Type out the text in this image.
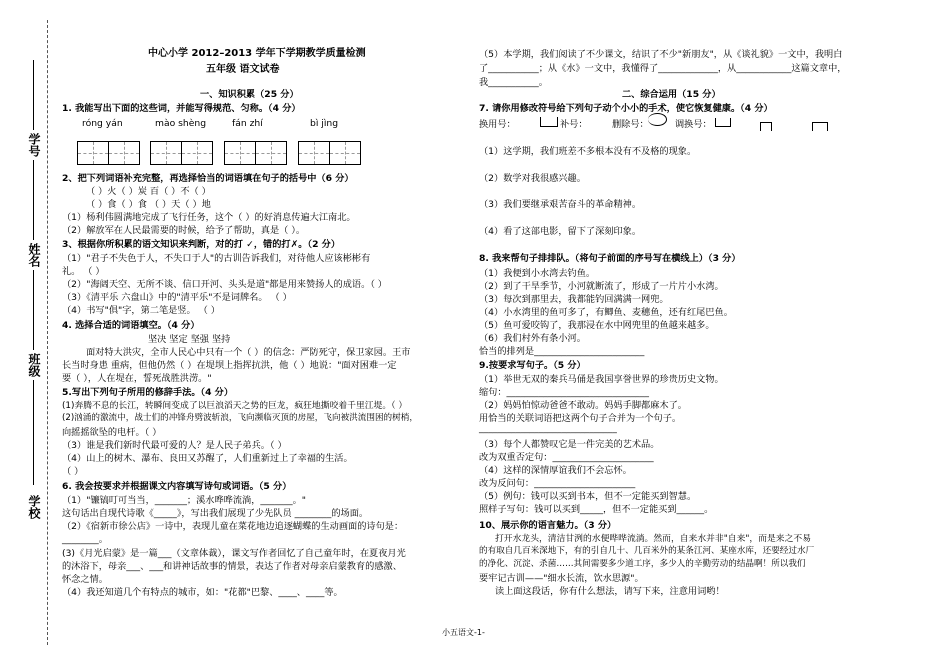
学号
姓名
班级
学校
中心小学 2012–2013 学年下学期教学质量检测
五年级 语文试卷
一、知识积累（25 分）
1. 我能写出下面的这些词，并能写得规范、匀称。（4 分）
róng yán	mào shèng	fán zhí	bì jìng
2、把下列词语补充完整，再选择恰当的词语填在句子的括号中（6 分）
（ ）火（ ）炭 百（ ）不（ ）
（ ）食（ ）食 （ ）天（ ）地
（1）杨利伟圆满地完成了飞行任务，这个（ ）的好消息传遍大江南北。
（2）解放军在人民最需要的时候，给予了帮助，真是（ ）。
3、根据你所积累的语文知识来判断，对的打 ✓，错的打✗。（2 分）
（1）"君子不失色于人，不失口于人"的古训告诉我们，对待他人应该彬彬有
礼。 （ ）
（2）"海阔天空、无所不谈、信口开河、头头是道"都是用来赞扬人的成语。（ ）
（3）《清平乐 六盘山》中的"清平乐"不是词牌名。 （ ）
（4）书写"俱"字，第二笔是竖。 （ ）
4. 选择合适的词语填空。（4 分）
坚决 坚定 坚强 坚持
面对特大洪灾，全市人民心中只有一个（ ）的信念：严防死守，保卫家园。王市
长当时身患 重病，但他仍然（ ）在堤坝上指挥抗洪，他（ ）地说："面对困难一定
要（ ），人在堤在，誓死战胜洪涝。"
5.写出下列句子所用的修辞手法。（4 分）
(1)奔腾不息的长江，转瞬间变成了以巨浪滔天之势的巨龙，疯狂地撕咬着千里江堤。（ ）
(2)汹涌的激流中，战士们的冲锋舟劈波斩浪，飞向濒临灭顶的房屋，飞向被洪流围困的树梢，
向摇摇欲坠的电杆。（ ）
（3）谁是我们新时代最可爱的人？是人民子弟兵。（ ）
（4）山上的树木、瀑布、良田又苏醒了，人们重新过上了幸福的生活。
（ ）
6. 我会按要求并根据课文内容填写诗句或词语。（5 分）
（1）"镰镐叮可当当，_______；溪水哗哗流淌，_______。"
这句话出自现代诗歌《_____》，写出我们展现了少先队员 ________的场面。
（2）《宿新市徐公店》一诗中，表现儿童在菜花地边追逐蝴蝶的生动画面的诗句是：
________。
(3)《月光启蒙》是一篇___（文章体裁），课文写作者回忆了自己童年时，在夏夜月光
的沐浴下，母亲___、___和讲神话故事的情景，表达了作者对母亲启蒙教育的感激、
怀念之情。
（4）我还知道几个有特点的城市，如："花都"巴黎、____、____等。
（5）本学期，我们阅读了不少课文，结识了不少"新朋友"，从《谈礼貌》一文中，我明白
了___________；从《水》一文中，我懂得了_____________，从____________这篇文章中，
我___________。
二、综合运用（15 分）
7. 请你用修改符号给下列句子动个小小的手术，使它恢复健康。（4 分）
换用号：	补号：	删除号：	调换号：
（1）这学期，我们班差不多根本没有不及格的现象。
（2）数学对我很感兴趣。
（3）我们要继承艰苦奋斗的革命精神。
（4）看了这部电影，留下了深刻印象。
8. 我来帮句子排排队。（将句子前面的序号写在横线上）（3 分）
（1）我便到小水湾去钓鱼。
（2）到了干旱季节，小河就断流了，形成了一片片小水湾。
（3）每次到那里去，我都能钓回满满一网兜。
（4）小水湾里的鱼可多了，有鲫鱼、麦穗鱼，还有红尾巴鱼。
（5）鱼可爱咬钩了，我那浸在水中网兜里的鱼越来越多。
（6）我们村外有条小河。
恰当的排列是________________________
9.按要求写句子。（5 分）
（1）举世无双的秦兵马俑是我国享誉世界的珍贵历史文物。
缩句：_______________________________
（2）妈妈怕惊动爸爸不敢动。妈妈手脚都麻木了。
用恰当的关联词语把这两个句子合并为一个句子。
______________________________
（3）每个人都赞叹它是一件完美的艺术品。
改为双重否定句：______________________
（4）这样的深情厚谊我们不会忘怀。
改为反问句：______________________
（5）例句：钱可以买到书本，但不一定能买到智慧。
照样子写句：钱可以买到_____，但不一定能买到______。
10、展示你的语言魅力。（3 分）
打开水龙头，清洁甘洌的水便哗哗流淌。然而，自来水并非"自来"，而是来之不易
的有取自几百米深地下，有的引自几十、几百米外的某条江河、某座水库，还要经过水厂
的净化、沉淀、杀菌……其间需要多少道工序，多少人的辛勤劳动的结晶啊！所以我们
要牢记古训——"细水长流，饮水思源"。
读上面这段话，你有什么想法，请写下来，注意用词哟！
小五语文-1-
